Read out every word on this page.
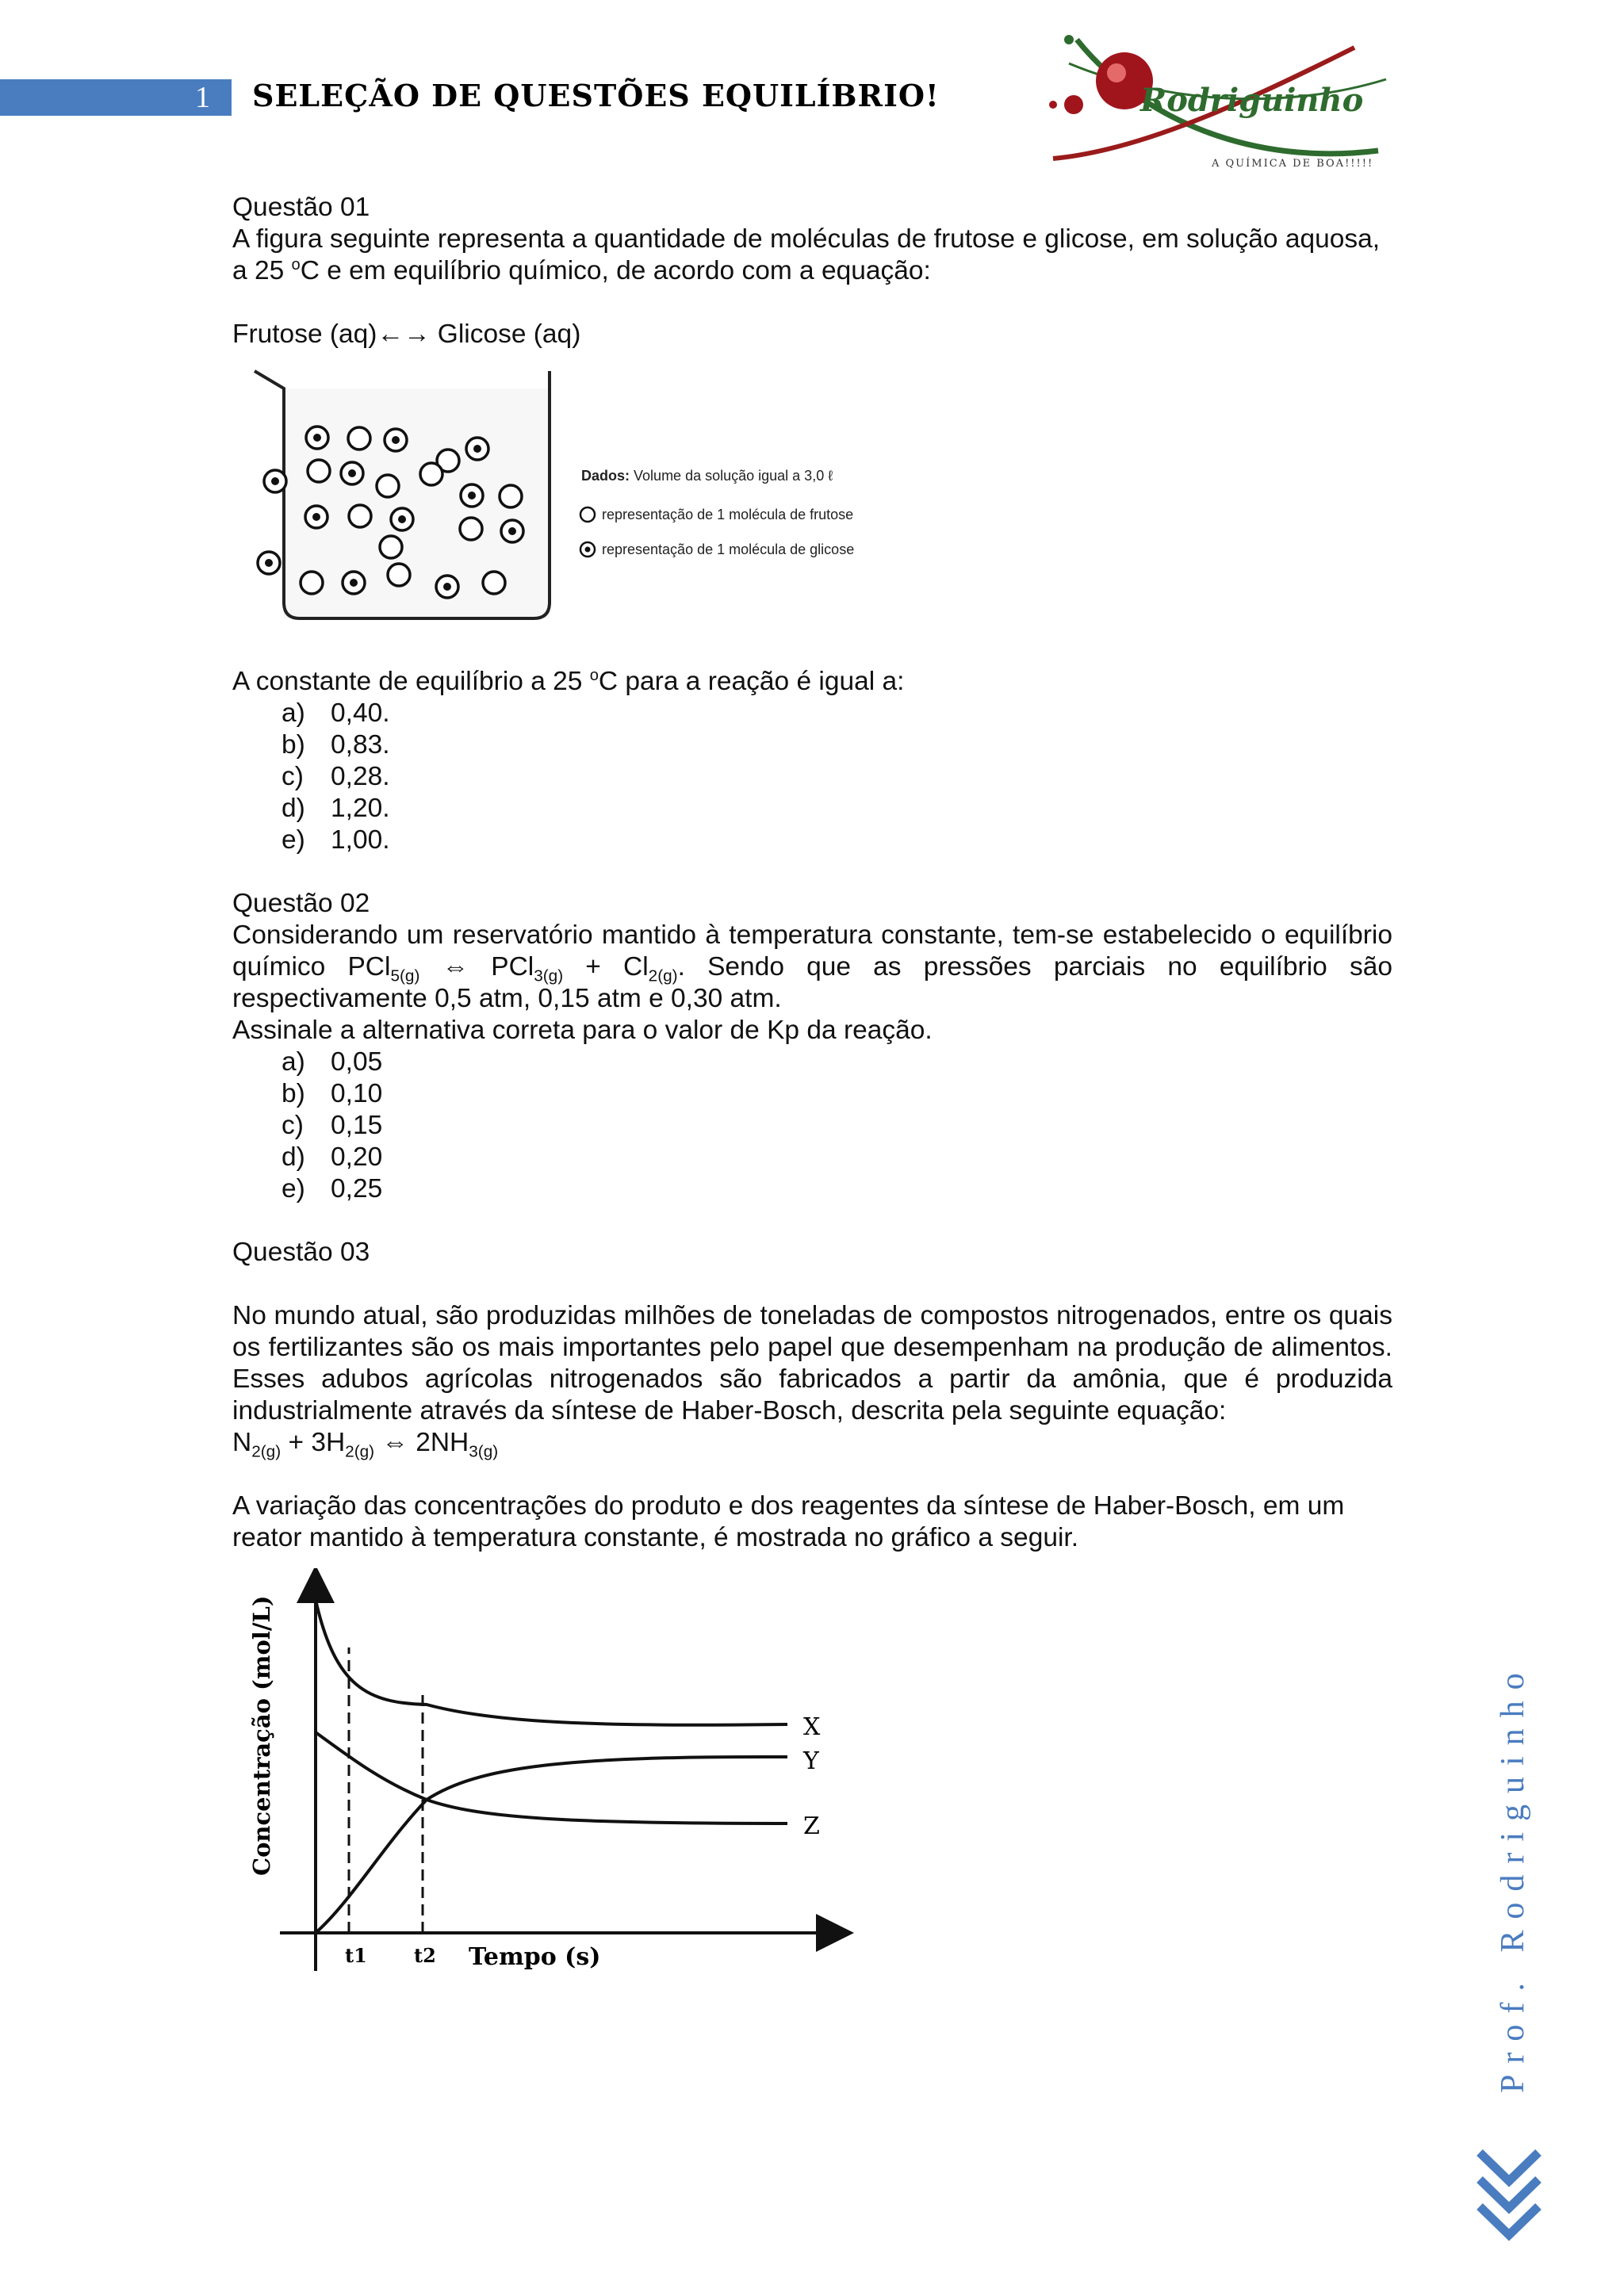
1 SELEÇÃO DE QUESTÕES EQUILÍBRIO!	Rodriguinho
A QUÍMICA DE BOA!!!!!

Questão 01

A figura seguinte representa a quantidade de moléculas de frutose e glicose, em solução aquosa, a 25 $^o$C e em equilíbrio químico, de acordo com a equação:

Frutose (aq)←→ Glicose (aq)

Dados: Volume da solução igual a 3,0 ℓ
representação de 1 molécula de frutose
representação de 1 molécula de glicose

A constante de equilíbrio a 25 $^o$C para a reação é igual a:

a) 0,40.
b) 0,83.
c) 0,28.
d) 1,20.
e) 1,00.

Questão 02

Considerando um reservatório mantido à temperatura constante, tem-se estabelecido o equilíbrio químico PCl$_{5(g)}$ ⇔ $PCl_{3(g)} + Cl_{2(g)}$. Sendo que as pressões parciais no equilíbrio são respectivamente 0,5 atm, 0,15 atm e 0,30 atm.

Assinale a alternativa correta para o valor de Kp da reação.

a) 0,05
b) 0,10
c) 0,15
d) 0,20
e) 0,25

Questão 03

No mundo atual, são produzidas milhões de toneladas de compostos nitrogenados, entre os quais os fertilizantes são os mais importantes pelo papel que desempenham na produção de alimentos. Esses adubos agrícolas nitrogenados são fabricados a partir da amônia, que é produzida industrialmente através da síntese de Haber-Bosch, descrita pela seguinte equação:

$N_{2(g)} + 3H_{2(g)}$ ⇔ $2NH_{3(g)}$

A variação das concentrações do produto e dos reagentes da síntese de Haber-Bosch, em um reator mantido à temperatura constante, é mostrada no gráfico a seguir.

X
Y
Z
t1 t2 Tempo (s)
Concentração (mol/L)	Prof. Rodriguinho
